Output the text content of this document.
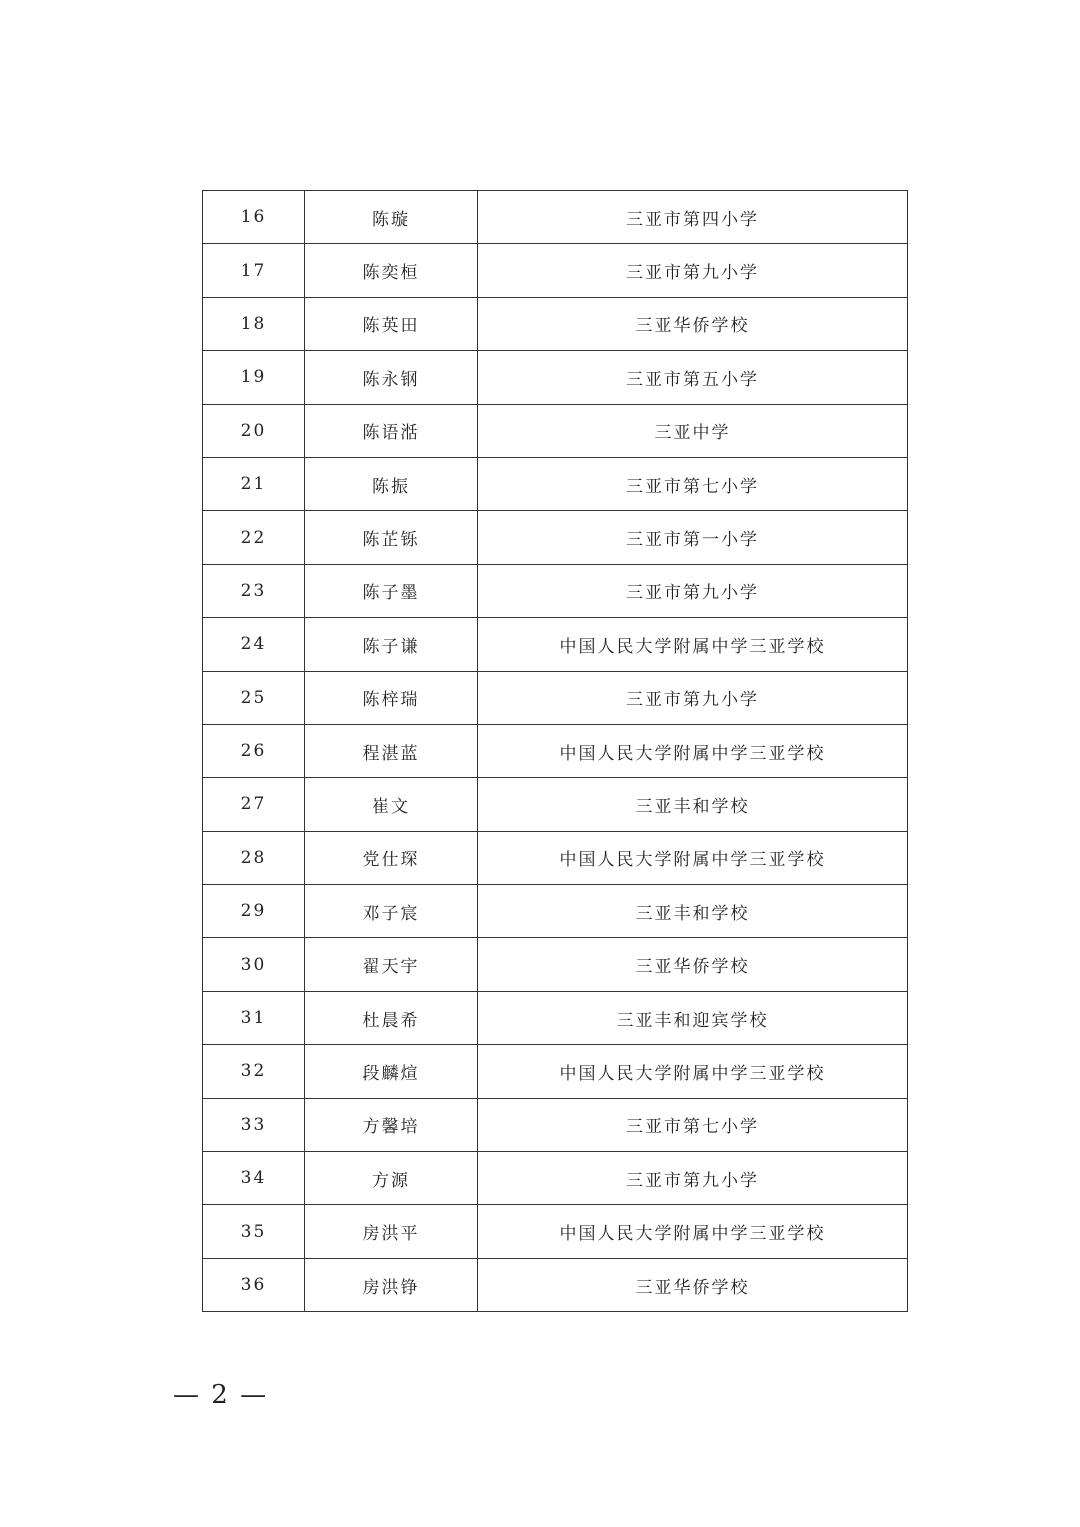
16	陈璇	三亚市第四小学
17	陈奕桓	三亚市第九小学
18	陈英田	三亚华侨学校
19	陈永钢	三亚市第五小学
20	陈语湉	三亚中学
21	陈振	三亚市第七小学
22	陈芷铄	三亚市第一小学
23	陈子墨	三亚市第九小学
24	陈子谦	中国人民大学附属中学三亚学校
25	陈梓瑞	三亚市第九小学
26	程湛蓝	中国人民大学附属中学三亚学校
27	崔文	三亚丰和学校
28	党仕琛	中国人民大学附属中学三亚学校
29	邓子宸	三亚丰和学校
30	翟天宇	三亚华侨学校
31	杜晨希	三亚丰和迎宾学校
32	段麟煊	中国人民大学附属中学三亚学校
33	方馨培	三亚市第七小学
34	方源	三亚市第九小学
35	房洪平	中国人民大学附属中学三亚学校
36	房洪铮	三亚华侨学校
— 2 —
